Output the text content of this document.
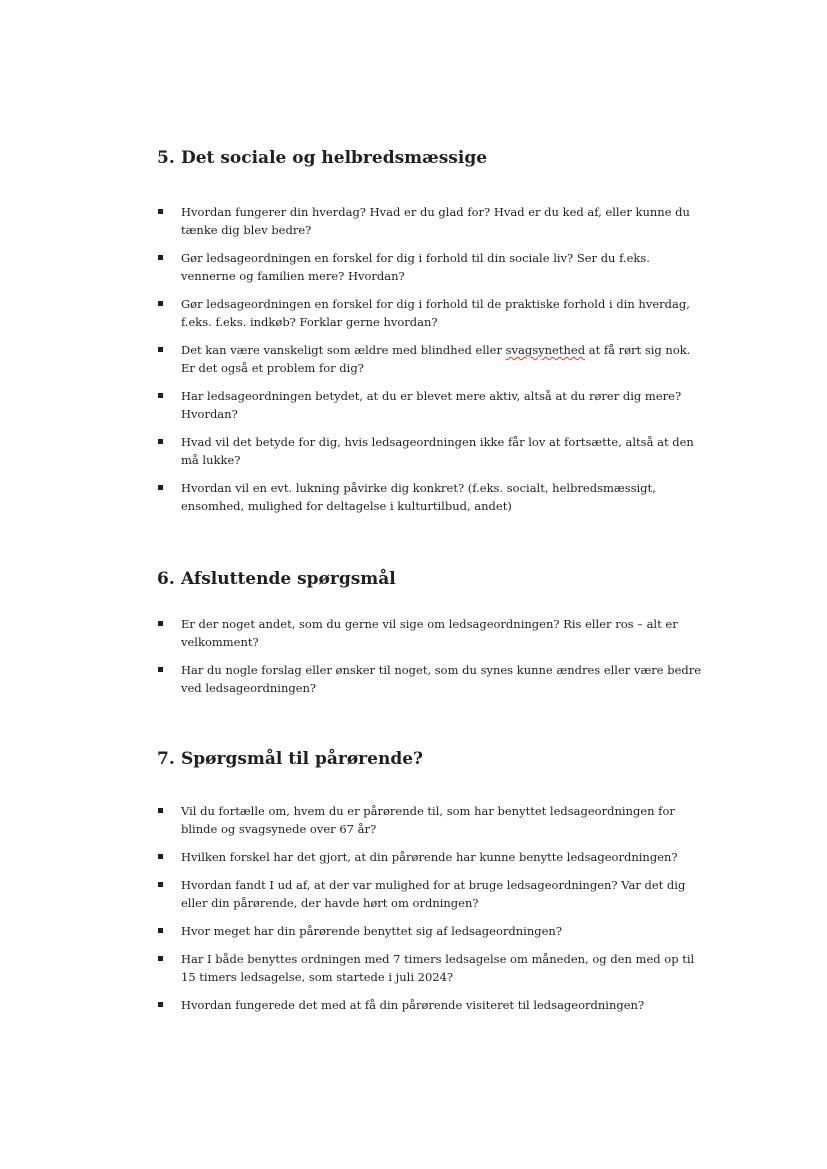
5. Det sociale og helbredsmæssige
Hvordan fungerer din hverdag? Hvad er du glad for? Hvad er du ked af, eller kunne du tænke dig blev bedre?
Gør ledsageordningen en forskel for dig i forhold til din sociale liv? Ser du f.eks. vennerne og familien mere? Hvordan?
Gør ledsageordningen en forskel for dig i forhold til de praktiske forhold i din hverdag, f.eks. f.eks. indkøb? Forklar gerne hvordan?
Det kan være vanskeligt som ældre med blindhed eller svagsynethed at få rørt sig nok. Er det også et problem for dig?
Har ledsageordningen betydet, at du er blevet mere aktiv, altså at du rører dig mere? Hvordan?
Hvad vil det betyde for dig, hvis ledsageordningen ikke får lov at fortsætte, altså at den må lukke?
Hvordan vil en evt. lukning påvirke dig konkret? (f.eks. socialt, helbredsmæssigt, ensomhed, mulighed for deltagelse i kulturtilbud, andet)
6. Afsluttende spørgsmål
Er der noget andet, som du gerne vil sige om ledsageordningen? Ris eller ros – alt er velkomment?
Har du nogle forslag eller ønsker til noget, som du synes kunne ændres eller være bedre ved ledsageordningen?
7. Spørgsmål til pårørende?
Vil du fortælle om, hvem du er pårørende til, som har benyttet ledsageordningen for blinde og svagsynede over 67 år?
Hvilken forskel har det gjort, at din pårørende har kunne benytte ledsageordningen?
Hvordan fandt I ud af, at der var mulighed for at bruge ledsageordningen? Var det dig eller din pårørende, der havde hørt om ordningen?
Hvor meget har din pårørende benyttet sig af ledsageordningen?
Har I både benyttes ordningen med 7 timers ledsagelse om måneden, og den med op til 15 timers ledsagelse, som startede i juli 2024?
Hvordan fungerede det med at få din pårørende visiteret til ledsageordningen?
